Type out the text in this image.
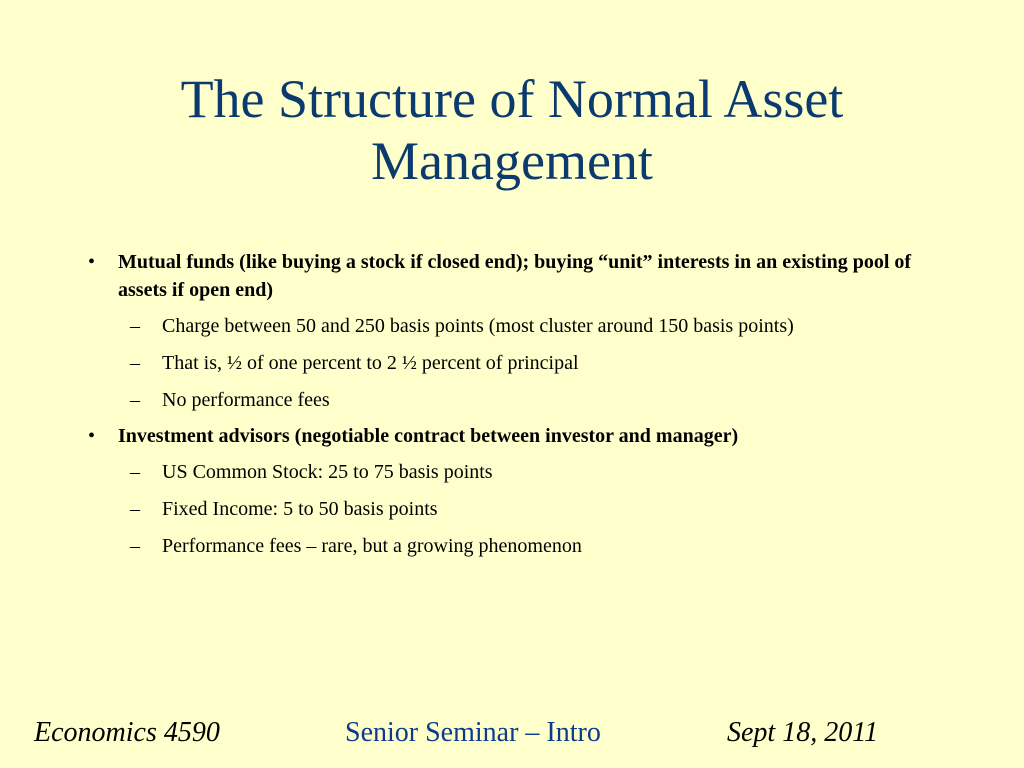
The Structure of Normal Asset Management
• Mutual funds (like buying a stock if closed end); buying “unit” interests in an existing pool of assets if open end)
– Charge between 50 and 250 basis points (most cluster around 150 basis points)
– That is, ½ of one percent to 2 ½ percent of principal
– No performance fees
• Investment advisors (negotiable contract between investor and manager)
– US Common Stock: 25 to 75 basis points
– Fixed Income: 5 to 50 basis points
– Performance fees – rare, but a growing phenomenon
Economics 4590	Senior Seminar – Intro	Sept 18, 2011
